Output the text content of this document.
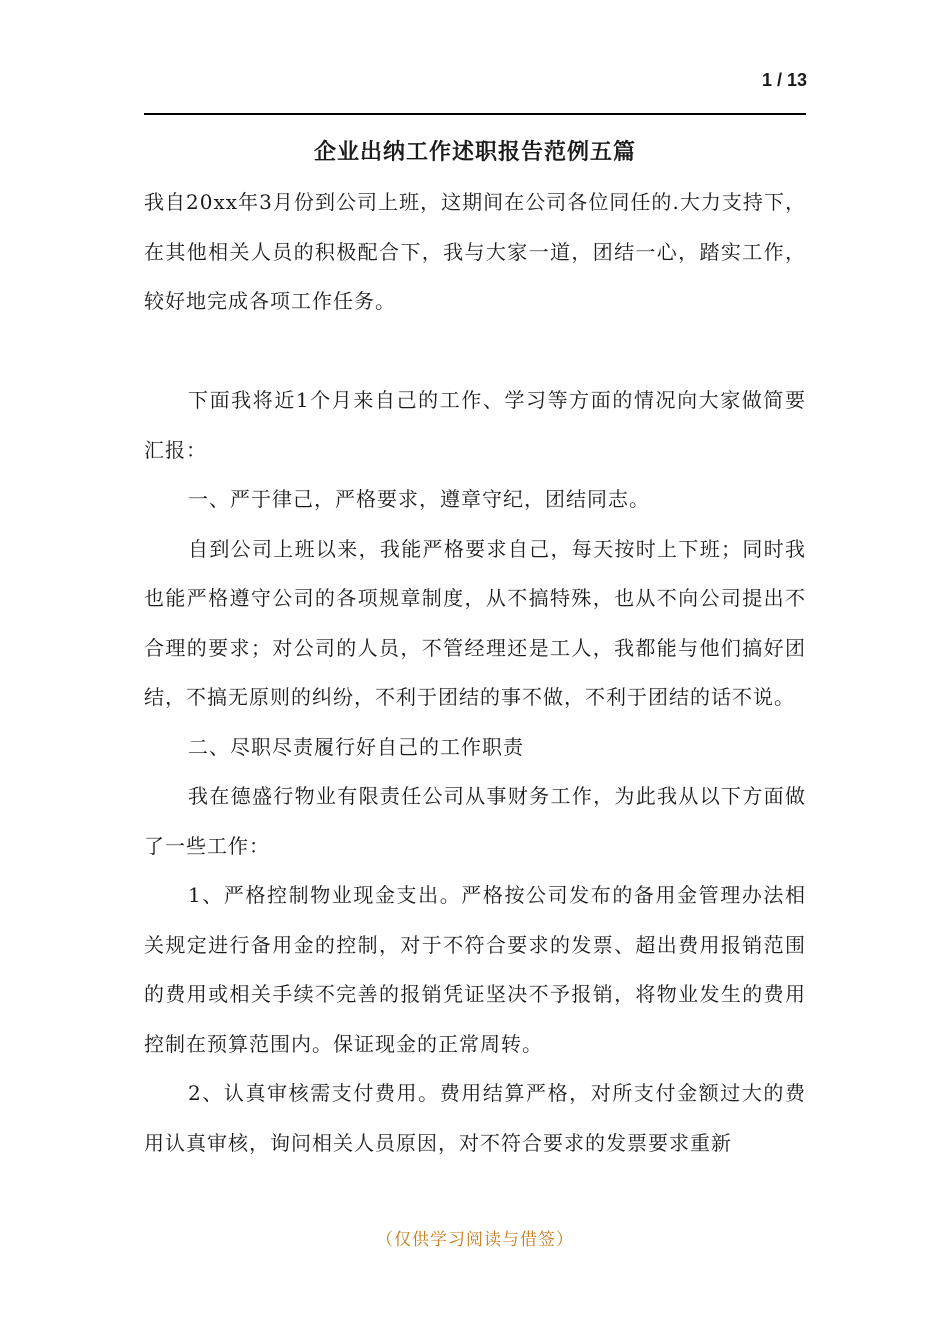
1 / 13
企业出纳工作述职报告范例五篇

我自20xx年3月份到公司上班，这期间在公司各位同任的.大力支持下，在其他相关人员的积极配合下，我与大家一道，团结一心，踏实工作，较好地完成各项工作任务。

下面我将近1个月来自己的工作、学习等方面的情况向大家做简要汇报：

一、严于律己，严格要求，遵章守纪，团结同志。

自到公司上班以来，我能严格要求自己，每天按时上下班；同时我也能严格遵守公司的各项规章制度，从不搞特殊，也从不向公司提出不合理的要求；对公司的人员，不管经理还是工人，我都能与他们搞好团结，不搞无原则的纠纷，不利于团结的事不做，不利于团结的话不说。

二、尽职尽责履行好自己的工作职责

我在德盛行物业有限责任公司从事财务工作，为此我从以下方面做了一些工作：

1、严格控制物业现金支出。严格按公司发布的备用金管理办法相关规定进行备用金的控制，对于不符合要求的发票、超出费用报销范围的费用或相关手续不完善的报销凭证坚决不予报销，将物业发生的费用控制在预算范围内。保证现金的正常周转。

2、认真审核需支付费用。费用结算严格，对所支付金额过大的费用认真审核，询问相关人员原因，对不符合要求的发票要求重新

（仅供学习阅读与借签）
